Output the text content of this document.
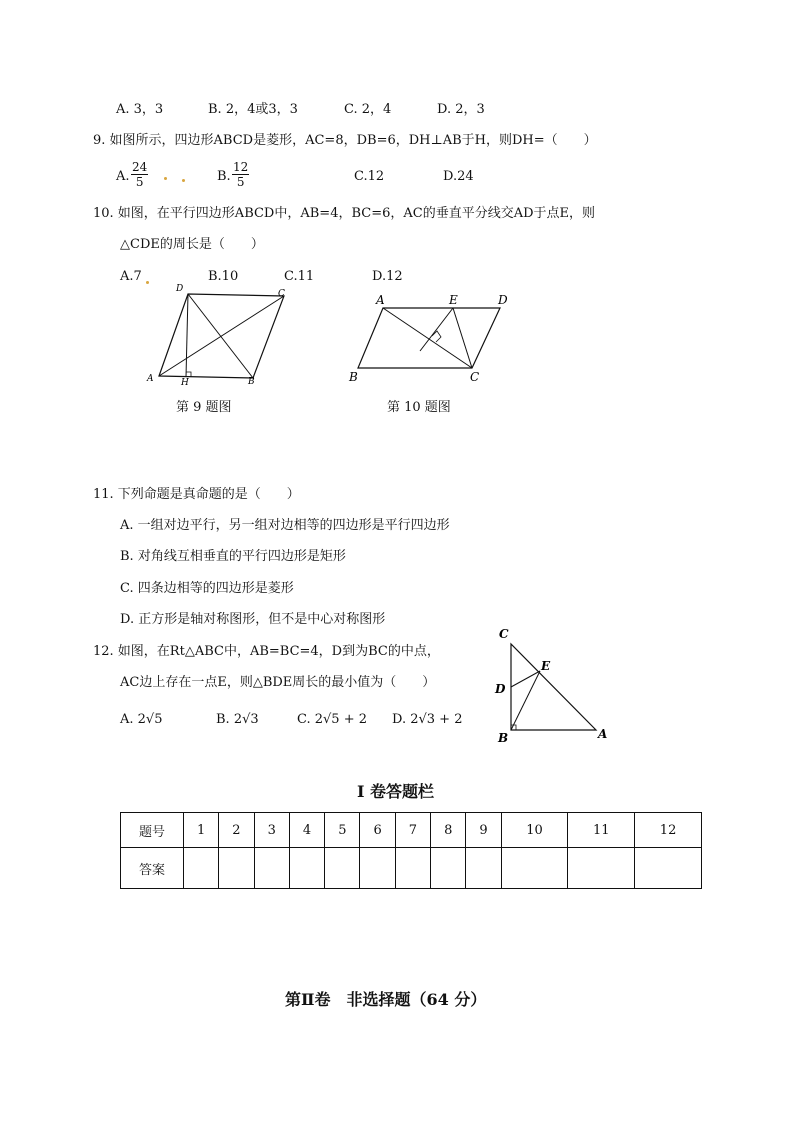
A. 3，3	B. 2，4或3，3	C. 2，4	D. 2，3
9. 如图所示，四边形ABCD是菱形，AC=8，DB=6，DH⊥AB于H，则DH=（　　）
A. $\frac{24}{5}$	B. $\frac{12}{5}$	C.12	D.24
10. 如图，在平行四边形ABCD中，AB=4，BC=6，AC的垂直平分线交AD于点E，则
△CDE的周长是（　　）
A.7	B.10	C.11	D.12
A	H	B
C
D
A	E	D
B	C
第 9 题图	第 10 题图
11. 下列命题是真命题的是（　　）
A. 一组对边平行，另一组对边相等的四边形是平行四边形
B. 对角线互相垂直的平行四边形是矩形
C. 四条边相等的四边形是菱形
D. 正方形是轴对称图形，但不是中心对称图形
12. 如图，在Rt△ABC中，AB=BC=4，D到为BC的中点，
AC边上存在一点E，则△BDE周长的最小值为（　　）
A. 2√5	B. 2√3	C. 2√5 + 2 D. 2√3 + 2
C
E
D
B	A
I 卷答题栏
题号	1	2	3	4	5	6	7	8	9	10	11	12
答案												
第Ⅱ卷　非选择题（64 分）
